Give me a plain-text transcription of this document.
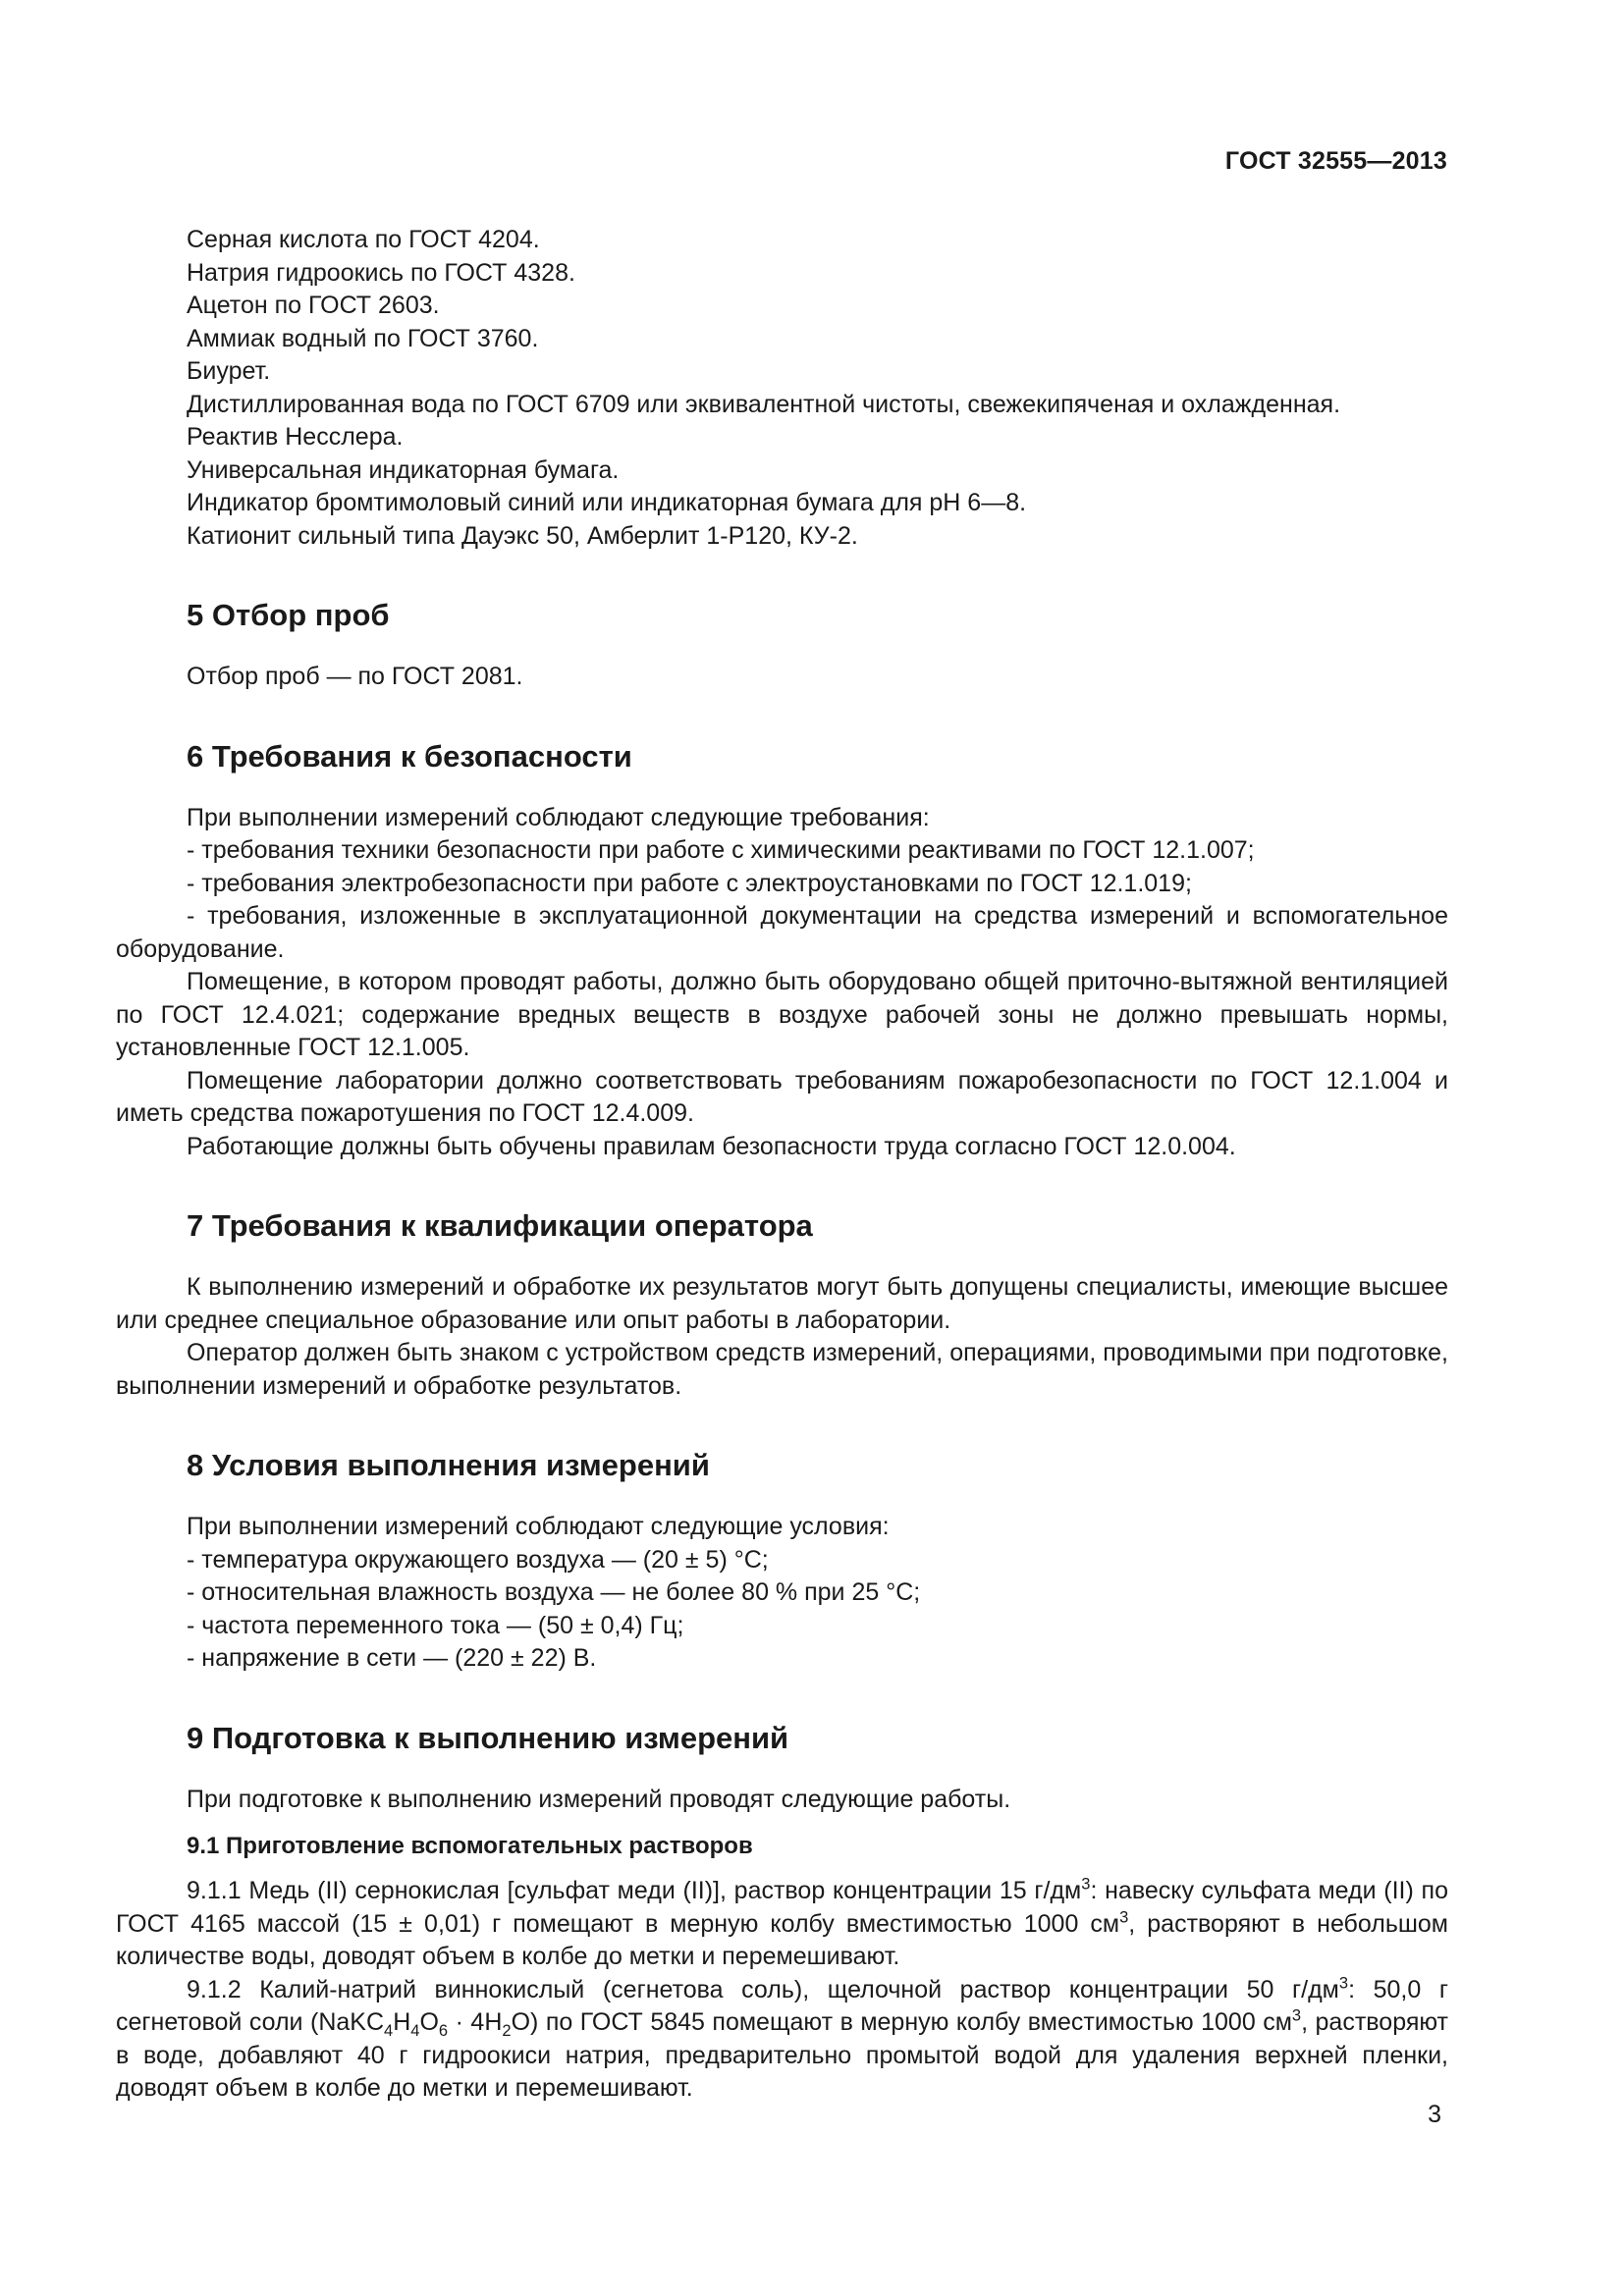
ГОСТ 32555—2013

Серная кислота по ГОСТ 4204.

Натрия гидроокись по ГОСТ 4328.

Ацетон по ГОСТ 2603.

Аммиак водный по ГОСТ 3760.

Биурет.

Дистиллированная вода по ГОСТ 6709 или эквивалентной чистоты, свежекипяченая и охлажденная.

Реактив Несслера.

Универсальная индикаторная бумага.

Индикатор бромтимоловый синий или индикаторная бумага для рН 6—8.

Катионит сильный типа Дауэкс 50, Амберлит 1-Р120, КУ-2.

5 Отбор проб

Отбор проб — по ГОСТ 2081.

6 Требования к безопасности

При выполнении измерений соблюдают следующие требования:

- требования техники безопасности при работе с химическими реактивами по ГОСТ 12.1.007;

- требования электробезопасности при работе с электроустановками по ГОСТ 12.1.019;

- требования, изложенные в эксплуатационной документации на средства измерений и вспомогательное оборудование.

Помещение, в котором проводят работы, должно быть оборудовано общей приточно-вытяжной вентиляцией по ГОСТ 12.4.021; содержание вредных веществ в воздухе рабочей зоны не должно превышать нормы, установленные ГОСТ 12.1.005.

Помещение лаборатории должно соответствовать требованиям пожаробезопасности по ГОСТ 12.1.004 и иметь средства пожаротушения по ГОСТ 12.4.009.

Работающие должны быть обучены правилам безопасности труда согласно ГОСТ 12.0.004.

7 Требования к квалификации оператора

К выполнению измерений и обработке их результатов могут быть допущены специалисты, имеющие высшее или среднее специальное образование или опыт работы в лаборатории.

Оператор должен быть знаком с устройством средств измерений, операциями, проводимыми при подготовке, выполнении измерений и обработке результатов.

8 Условия выполнения измерений

При выполнении измерений соблюдают следующие условия:

- температура окружающего воздуха — (20 ± 5) °С;

- относительная влажность воздуха — не более 80 % при 25 °С;

- частота переменного тока — (50 ± 0,4) Гц;

- напряжение в сети — (220 ± 22) В.

9 Подготовка к выполнению измерений

При подготовке к выполнению измерений проводят следующие работы.

9.1 Приготовление вспомогательных растворов

9.1.1 Медь (II) сернокислая [сульфат меди (II)], раствор концентрации 15 $г/дм^3$: навеску сульфата меди (II) по ГОСТ 4165 массой (15 ± 0,01) г помещают в мерную колбу вместимостью 1000 $см^3$, растворяют в небольшом количестве воды, доводят объем в колбе до метки и перемешивают.

9.1.2 Калий-натрий виннокислый (сегнетова соль), щелочной раствор концентрации 50 $г/дм^3$: 50,0 г сегнетовой соли $(NaKC_4H_4O_6 \cdot 4H_2O)$ по ГОСТ 5845 помещают в мерную колбу вместимостью 1000 $см^3$, растворяют в воде, добавляют 40 г гидроокиси натрия, предварительно промытой водой для удаления верхней пленки, доводят объем в колбе до метки и перемешивают.

3
